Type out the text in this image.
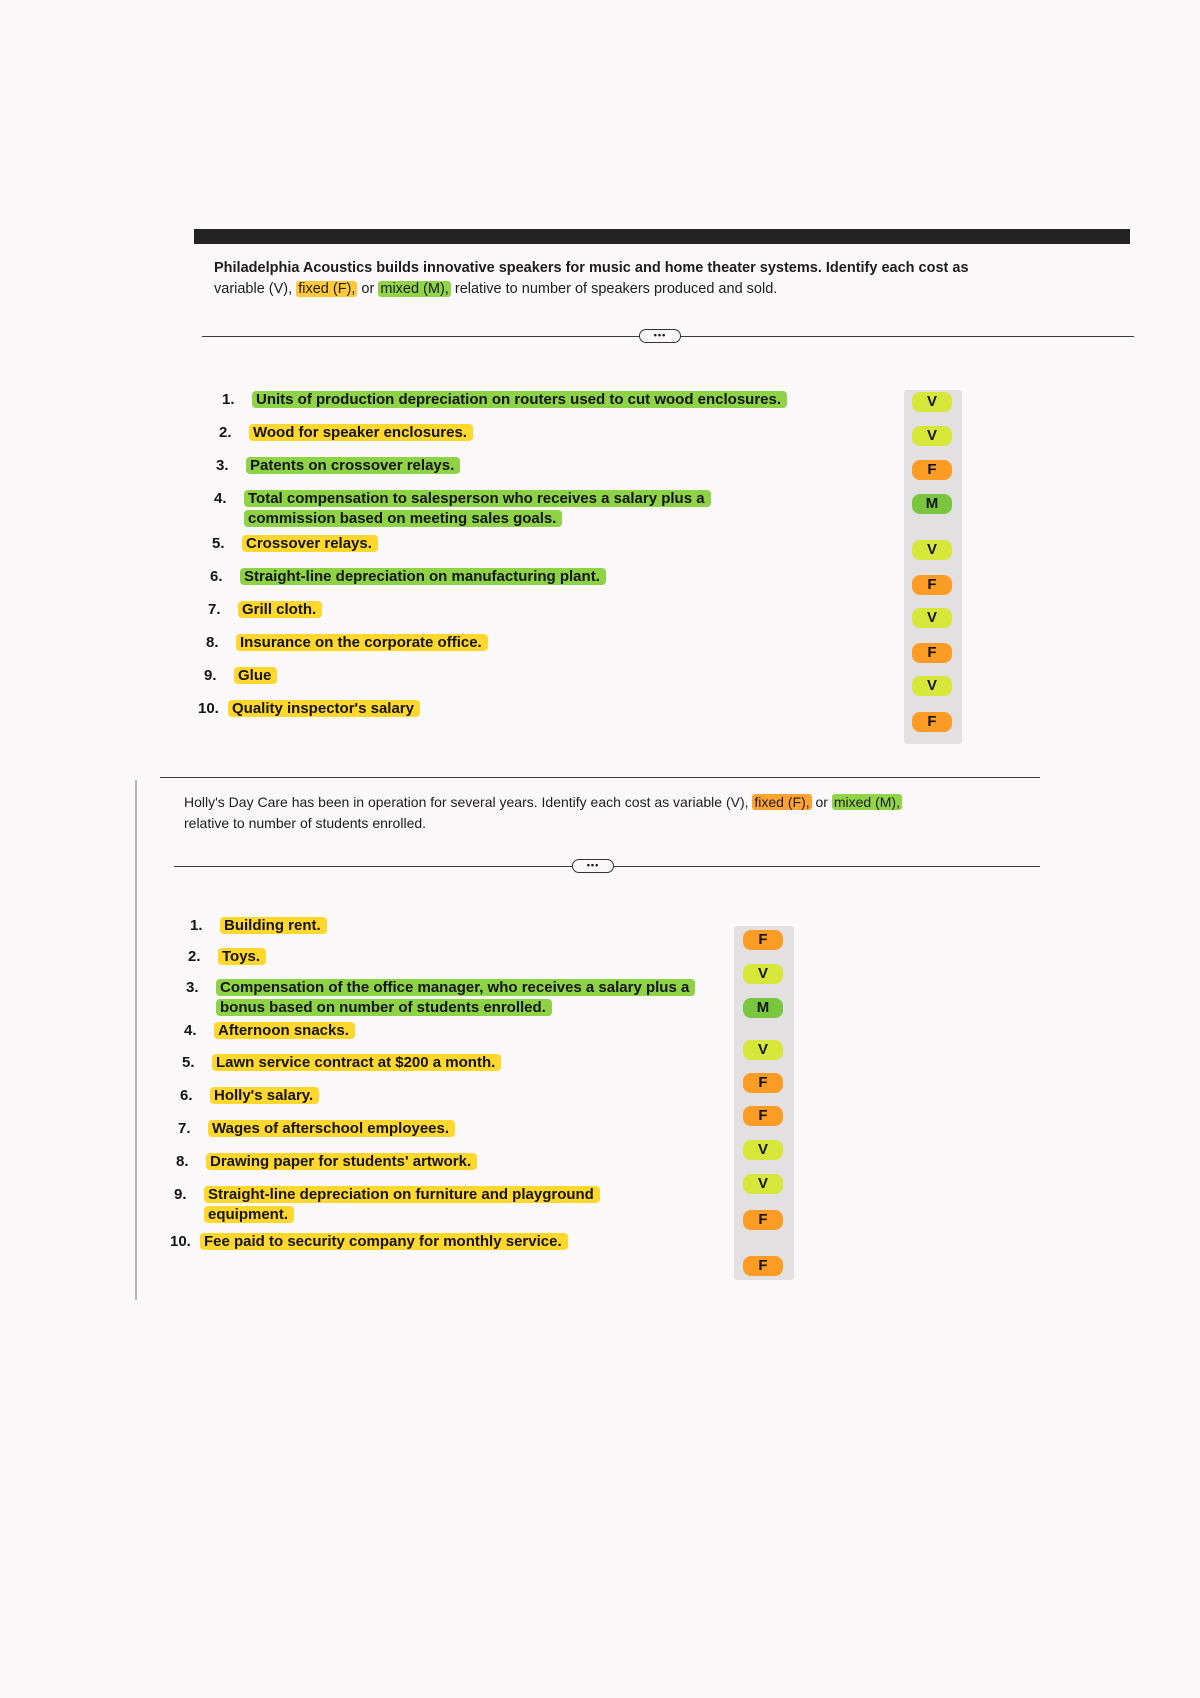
Philadelphia Acoustics builds innovative speakers for music and home theater systems. Identify each cost as
variable (V), fixed (F), or mixed (M), relative to number of speakers produced and sold.
•••
1. Units of production depreciation on routers used to cut wood enclosures.
2. Wood for speaker enclosures.
3. Patents on crossover relays.
4. Total compensation to salesperson who receives a salary plus a
commission based on meeting sales goals.
5. Crossover relays.
6. Straight-line depreciation on manufacturing plant.
7. Grill cloth.
8. Insurance on the corporate office.
9. Glue
10. Quality inspector's salary
V
V
F
M
V
F
V
F
V
F
Holly's Day Care has been in operation for several years. Identify each cost as variable (V), fixed (F), or mixed (M),
relative to number of students enrolled.
•••
1. Building rent.
2. Toys.
3. Compensation of the office manager, who receives a salary plus a
bonus based on number of students enrolled.
4. Afternoon snacks.
5. Lawn service contract at $200 a month.
6. Holly's salary.
7. Wages of afterschool employees.
8. Drawing paper for students' artwork.
9. Straight-line depreciation on furniture and playground
equipment.
10. Fee paid to security company for monthly service.
F
V
M
V
F
F
V
V
F
F
